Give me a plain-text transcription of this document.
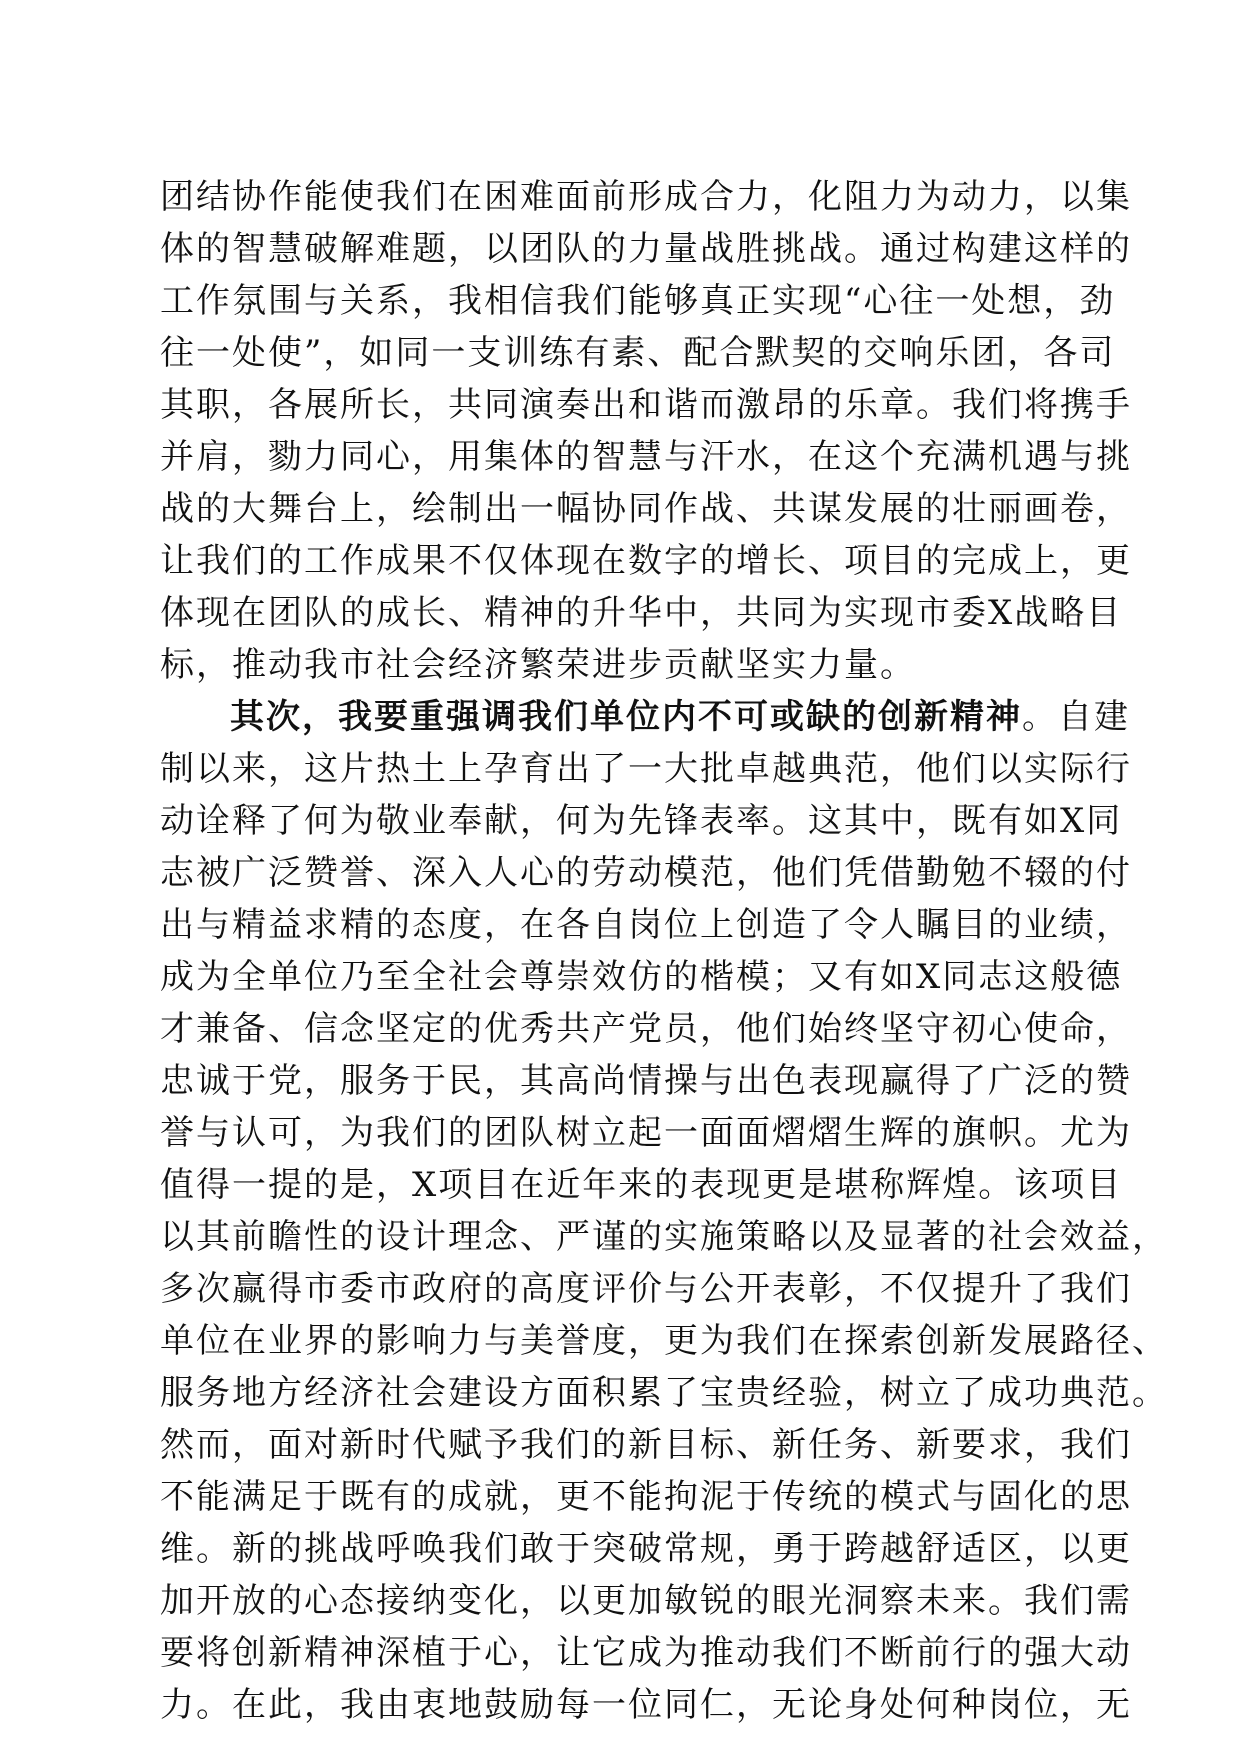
团结协作能使我们在困难面前形成合力，化阻力为动力，以集

体的智慧破解难题，以团队的力量战胜挑战。通过构建这样的

工作氛围与关系，我相信我们能够真正实现“心往一处想，劲

往一处使”，如同一支训练有素、配合默契的交响乐团，各司

其职，各展所长，共同演奏出和谐而激昂的乐章。我们将携手

并肩，勠力同心，用集体的智慧与汗水，在这个充满机遇与挑

战的大舞台上，绘制出一幅协同作战、共谋发展的壮丽画卷，

让我们的工作成果不仅体现在数字的增长、项目的完成上，更

体现在团队的成长、精神的升华中，共同为实现市委X战略目

标，推动我市社会经济繁荣进步贡献坚实力量。

其次，我要重强调我们单位内不可或缺的创新精神。自建

制以来，这片热土上孕育出了一大批卓越典范，他们以实际行

动诠释了何为敬业奉献，何为先锋表率。这其中，既有如X同

志被广泛赞誉、深入人心的劳动模范，他们凭借勤勉不辍的付

出与精益求精的态度，在各自岗位上创造了令人瞩目的业绩，

成为全单位乃至全社会尊崇效仿的楷模；又有如X同志这般德

才兼备、信念坚定的优秀共产党员，他们始终坚守初心使命，

忠诚于党，服务于民，其高尚情操与出色表现赢得了广泛的赞

誉与认可，为我们的团队树立起一面面熠熠生辉的旗帜。尤为

值得一提的是，X项目在近年来的表现更是堪称辉煌。该项目

以其前瞻性的设计理念、严谨的实施策略以及显著的社会效益，

多次赢得市委市政府的高度评价与公开表彰，不仅提升了我们

单位在业界的影响力与美誉度，更为我们在探索创新发展路径、

服务地方经济社会建设方面积累了宝贵经验，树立了成功典范。

然而，面对新时代赋予我们的新目标、新任务、新要求，我们

不能满足于既有的成就，更不能拘泥于传统的模式与固化的思

维。新的挑战呼唤我们敢于突破常规，勇于跨越舒适区，以更

加开放的心态接纳变化，以更加敏锐的眼光洞察未来。我们需

要将创新精神深植于心，让它成为推动我们不断前行的强大动

力。在此，我由衷地鼓励每一位同仁，无论身处何种岗位，无
